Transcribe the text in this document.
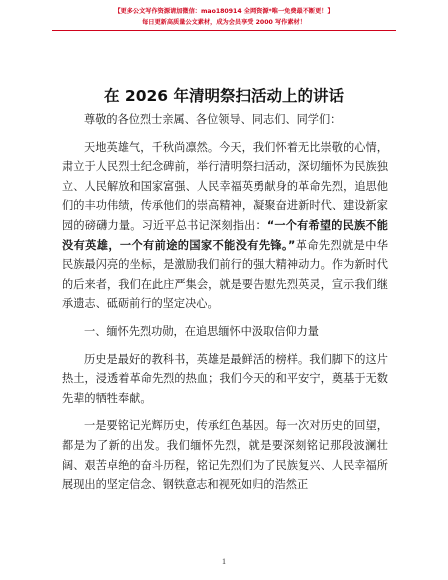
【更多公文写作资源请加微信：mao180914 全网资源*唯一免费最不断更！】
每日更新高质量公文素材，成为会员享受 2000 写作素材！
在 2026 年清明祭扫活动上的讲话

尊敬的各位烈士亲属、各位领导、同志们、同学们：

天地英雄气，千秋尚凛然。今天，我们怀着无比崇敬的心情，肃立于人民烈士纪念碑前，举行清明祭扫活动，深切缅怀为民族独立、人民解放和国家富强、人民幸福英勇献身的革命先烈，追思他们的丰功伟绩，传承他们的崇高精神，凝聚奋进新时代、建设新家园的磅礴力量。习近平总书记深刻指出：“一个有希望的民族不能没有英雄，一个有前途的国家不能没有先锋。”革命先烈就是中华民族最闪亮的坐标，是激励我们前行的强大精神动力。作为新时代的后来者，我们在此庄严集会，就是要告慰先烈英灵，宣示我们继承遗志、砥砺前行的坚定决心。

一、缅怀先烈功勋，在追思缅怀中汲取信仰力量

历史是最好的教科书，英雄是最鲜活的榜样。我们脚下的这片热土，浸透着革命先烈的热血；我们今天的和平安宁，奠基于无数先辈的牺牲奉献。

一是要铭记光辉历史，传承红色基因。每一次对历史的回望，都是为了新的出发。我们缅怀先烈，就是要深刻铭记那段波澜壮阔、艰苦卓绝的奋斗历程，铭记先烈们为了民族复兴、人民幸福所展现出的坚定信念、钢铁意志和视死如归的浩然正

1
